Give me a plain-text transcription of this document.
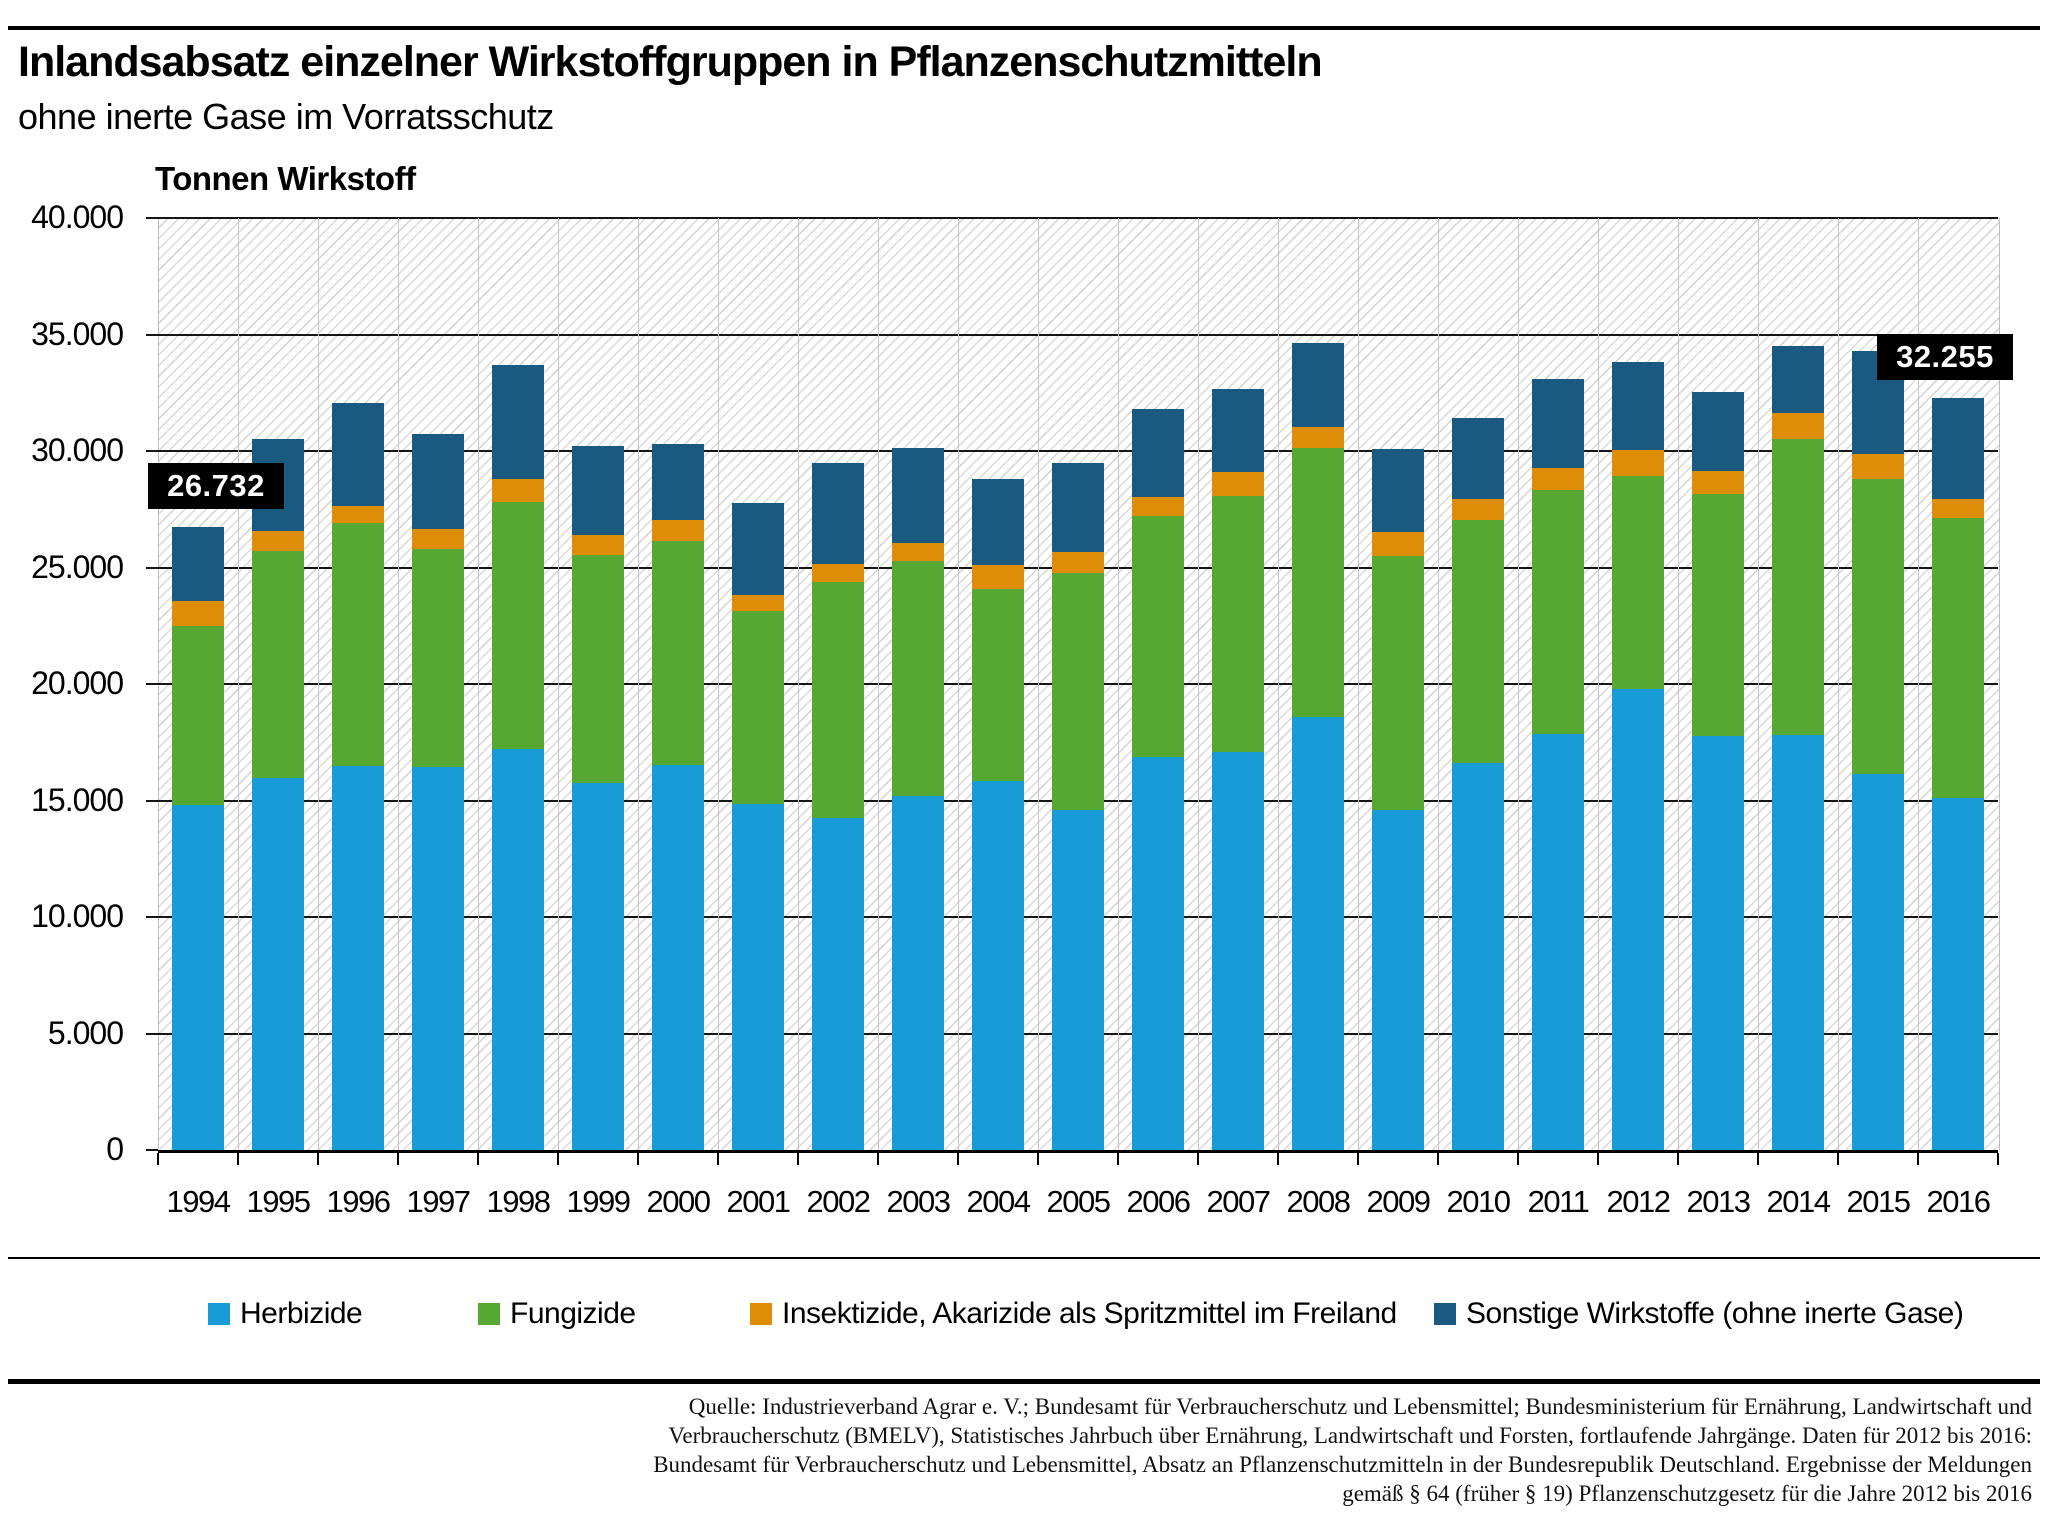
Inlandsabsatz einzelner Wirkstoffgruppen in Pflanzenschutzmitteln
ohne inerte Gase im Vorratsschutz
Tonnen Wirkstoff
Quelle: Industrieverband Agrar e. V.; Bundesamt für Verbraucherschutz und Lebensmittel; Bundesministerium für Ernährung, Landwirtschaft und
Verbraucherschutz (BMELV), Statistisches Jahrbuch über Ernährung, Landwirtschaft und Forsten, fortlaufende Jahrgänge. Daten für 2012 bis 2016:
Bundesamt für Verbraucherschutz und Lebensmittel, Absatz an Pflanzenschutzmitteln in der Bundesrepublik Deutschland. Ergebnisse der Meldungen
gemäß § 64 (früher § 19) Pflanzenschutzgesetz für die Jahre 2012 bis 2016
40.000
35.000
30.000
25.000
20.000
15.000
10.000
5.000
0
1994 1995 1996 1997 1998 1999 2000 2001 2002 2003 2004 2005 2006 2007 2008 2009 2010 2011 2012 2013 2014 2015 2016
26.732
32.255
Herbizide	Fungizide	Insektizide, Akarizide als Spritzmittel im Freiland Sonstige Wirkstoffe (ohne inerte Gase)
